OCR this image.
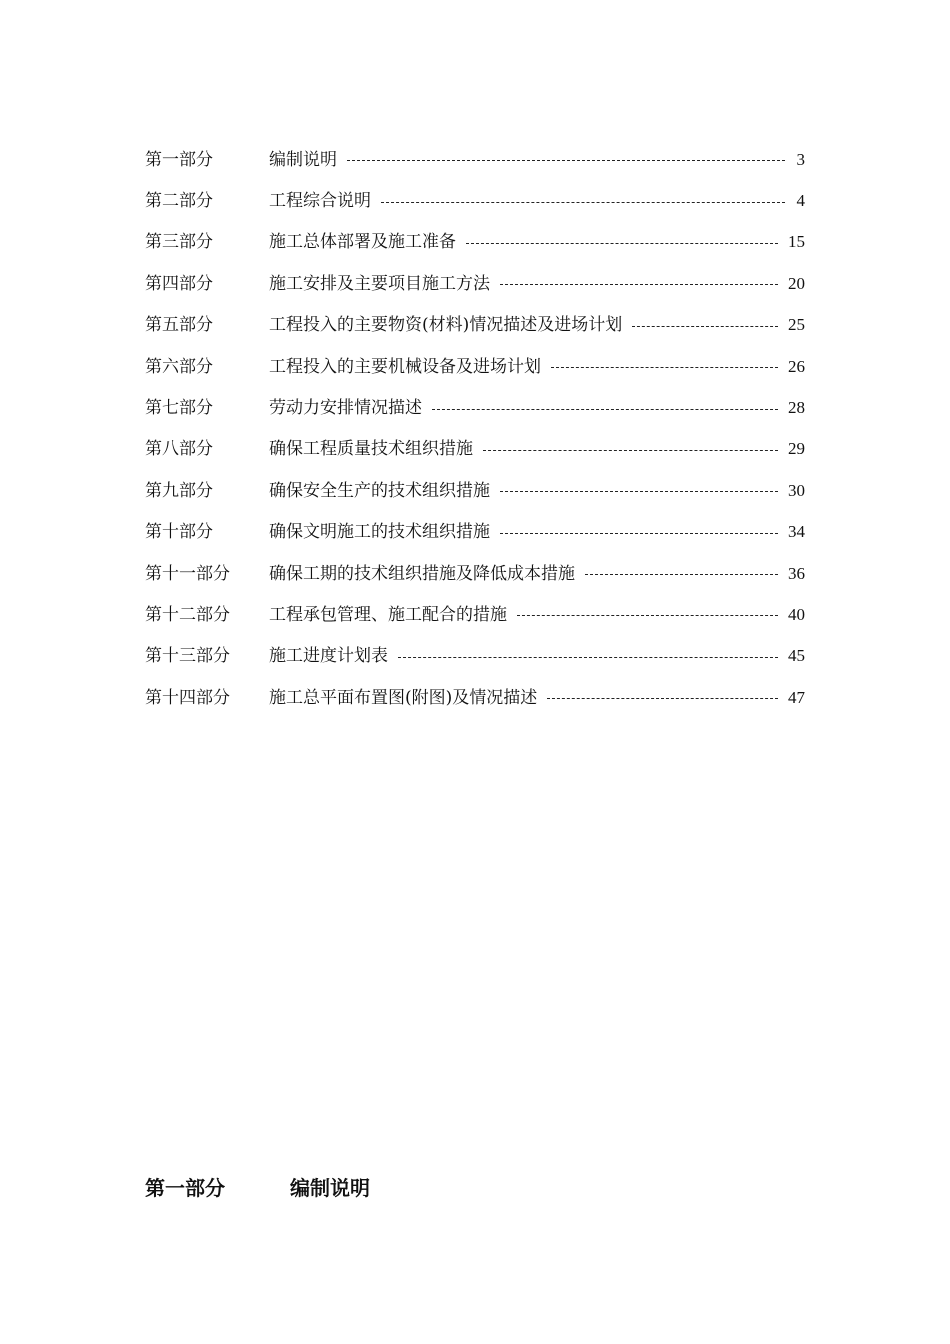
第一部分	编制说明	3
第二部分	工程综合说明	4
第三部分	施工总体部署及施工准备	15
第四部分	施工安排及主要项目施工方法	20
第五部分	工程投入的主要物资(材料)情况描述及进场计划	25
第六部分	工程投入的主要机械设备及进场计划	26
第七部分	劳动力安排情况描述	28
第八部分	确保工程质量技术组织措施	29
第九部分	确保安全生产的技术组织措施	30
第十部分	确保文明施工的技术组织措施	34
第十一部分	确保工期的技术组织措施及降低成本措施	36
第十二部分	工程承包管理、施工配合的措施	40
第十三部分	施工进度计划表	45
第十四部分	施工总平面布置图(附图)及情况描述	47
第一部分	编制说明
